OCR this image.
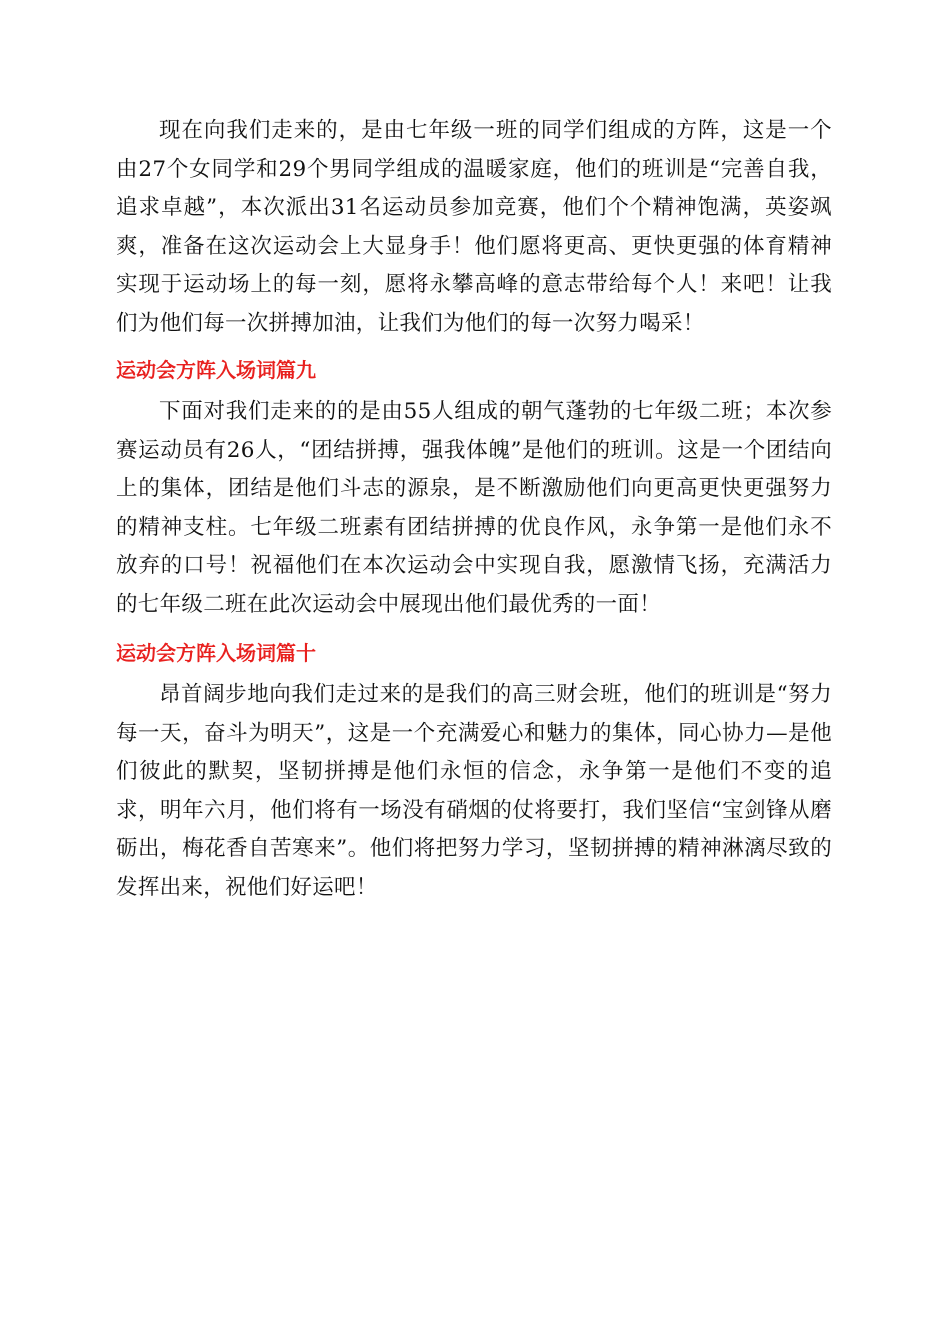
现在向我们走来的，是由七年级一班的同学们组成的方阵，这是一个由27个女同学和29个男同学组成的温暖家庭，他们的班训是“完善自我，追求卓越”，本次派出31名运动员参加竞赛，他们个个精神饱满，英姿飒爽，准备在这次运动会上大显身手！他们愿将更高、更快更强的体育精神实现于运动场上的每一刻，愿将永攀高峰的意志带给每个人！来吧！让我们为他们每一次拼搏加油，让我们为他们的每一次努力喝采！

运动会方阵入场词篇九

下面对我们走来的的是由55人组成的朝气蓬勃的七年级二班；本次参赛运动员有26人，“团结拼搏，强我体魄”是他们的班训。这是一个团结向上的集体，团结是他们斗志的源泉，是不断激励他们向更高更快更强努力的精神支柱。七年级二班素有团结拼搏的优良作风，永争第一是他们永不放弃的口号！祝福他们在本次运动会中实现自我，愿激情飞扬，充满活力的七年级二班在此次运动会中展现出他们最优秀的一面！

运动会方阵入场词篇十

昂首阔步地向我们走过来的是我们的高三财会班，他们的班训是“努力每一天，奋斗为明天”，这是一个充满爱心和魅力的集体，同心协力—是他们彼此的默契，坚韧拼搏是他们永恒的信念，永争第一是他们不变的追求，明年六月，他们将有一场没有硝烟的仗将要打，我们坚信“宝剑锋从磨砺出，梅花香自苦寒来”。他们将把努力学习，坚韧拼搏的精神淋漓尽致的发挥出来，祝他们好运吧！
